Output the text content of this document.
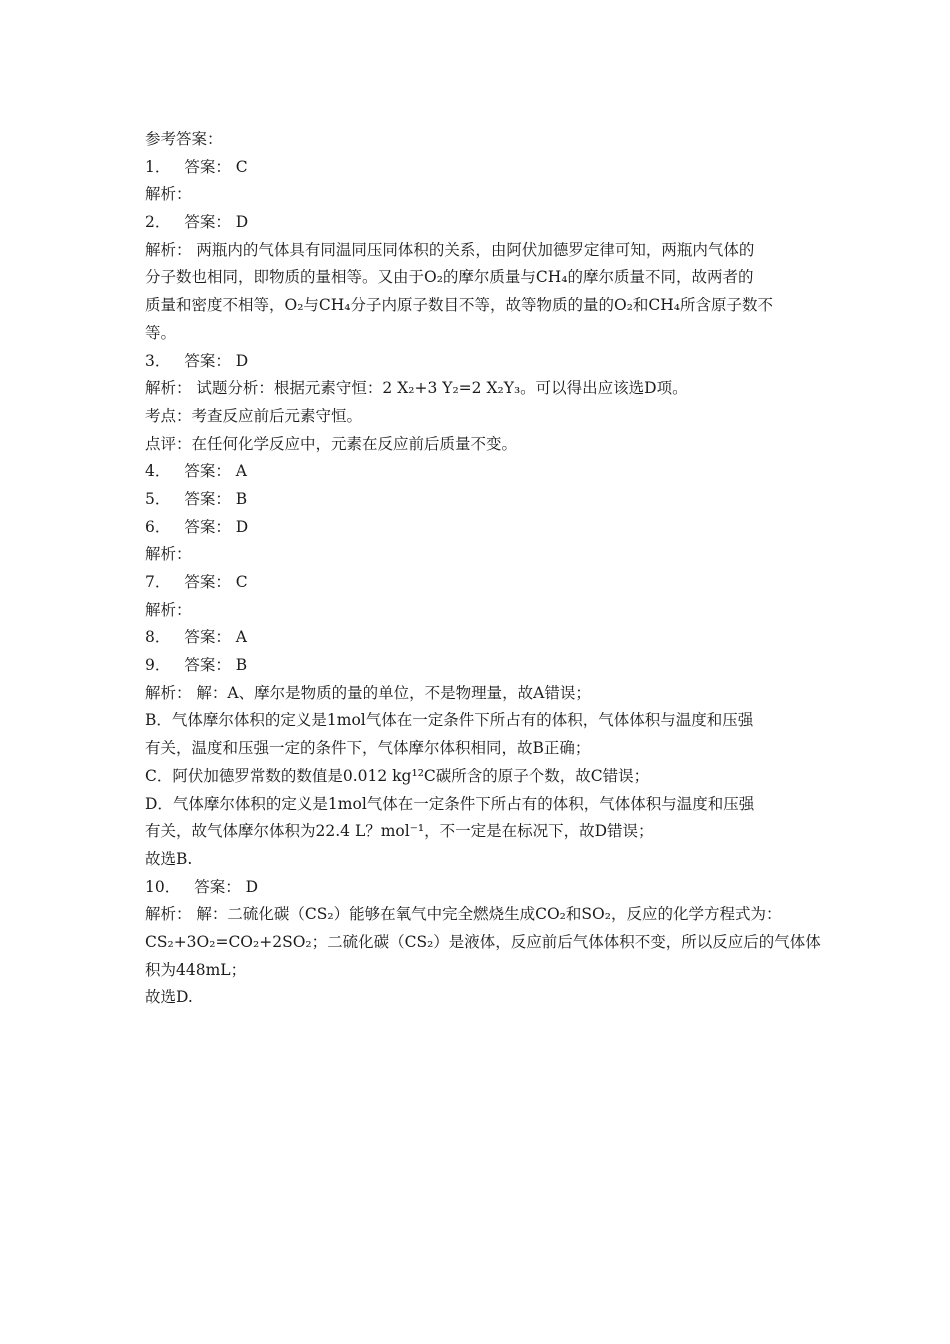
参考答案：
1． 答案： C
解析：
2． 答案： D
解析： 两瓶内的气体具有同温同压同体积的关系，由阿伏加德罗定律可知，两瓶内气体的
分子数也相同，即物质的量相等。又由于O₂的摩尔质量与CH₄的摩尔质量不同，故两者的
质量和密度不相等，O₂与CH₄分子内原子数目不等，故等物质的量的O₂和CH₄所含原子数不
等。
3． 答案： D
解析： 试题分析：根据元素守恒：2 X₂+3 Y₂=2 X₂Y₃。可以得出应该选D项。
考点：考查反应前后元素守恒。
点评：在任何化学反应中，元素在反应前后质量不变。
4． 答案： A
5． 答案： B
6． 答案： D
解析：
7． 答案： C
解析：
8． 答案： A
9． 答案： B
解析： 解：A、摩尔是物质的量的单位，不是物理量，故A错误；
B．气体摩尔体积的定义是1mol气体在一定条件下所占有的体积，气体体积与温度和压强
有关，温度和压强一定的条件下，气体摩尔体积相同，故B正确；
C．阿伏加德罗常数的数值是0.012 kg¹²C碳所含的原子个数，故C错误；
D．气体摩尔体积的定义是1mol气体在一定条件下所占有的体积，气体体积与温度和压强
有关，故气体摩尔体积为22.4 L？mol⁻¹，不一定是在标况下，故D错误；
故选B.
10． 答案： D
解析： 解：二硫化碳（CS₂）能够在氧气中完全燃烧生成CO₂和SO₂，反应的化学方程式为：
CS₂+3O₂=CO₂+2SO₂；二硫化碳（CS₂）是液体，反应前后气体体积不变，所以反应后的气体体
积为448mL；
故选D.
